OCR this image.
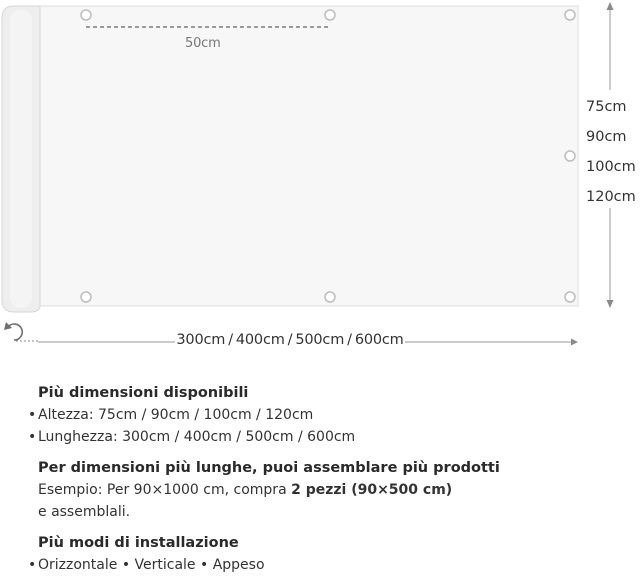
50cm
300cm / 400cm / 500cm / 600cm
75cm
90cm
100cm
120cm
Più dimensioni disponibili
• Altezza: 75cm / 90cm / 100cm / 120cm
• Lunghezza: 300cm / 400cm / 500cm / 600cm
Per dimensioni più lunghe, puoi assemblare più prodotti
Esempio: Per 90×1000 cm, compra 2 pezzi (90×500 cm)
e assemblali.
Più modi di installazione
• Orizzontale • Verticale • Appeso
